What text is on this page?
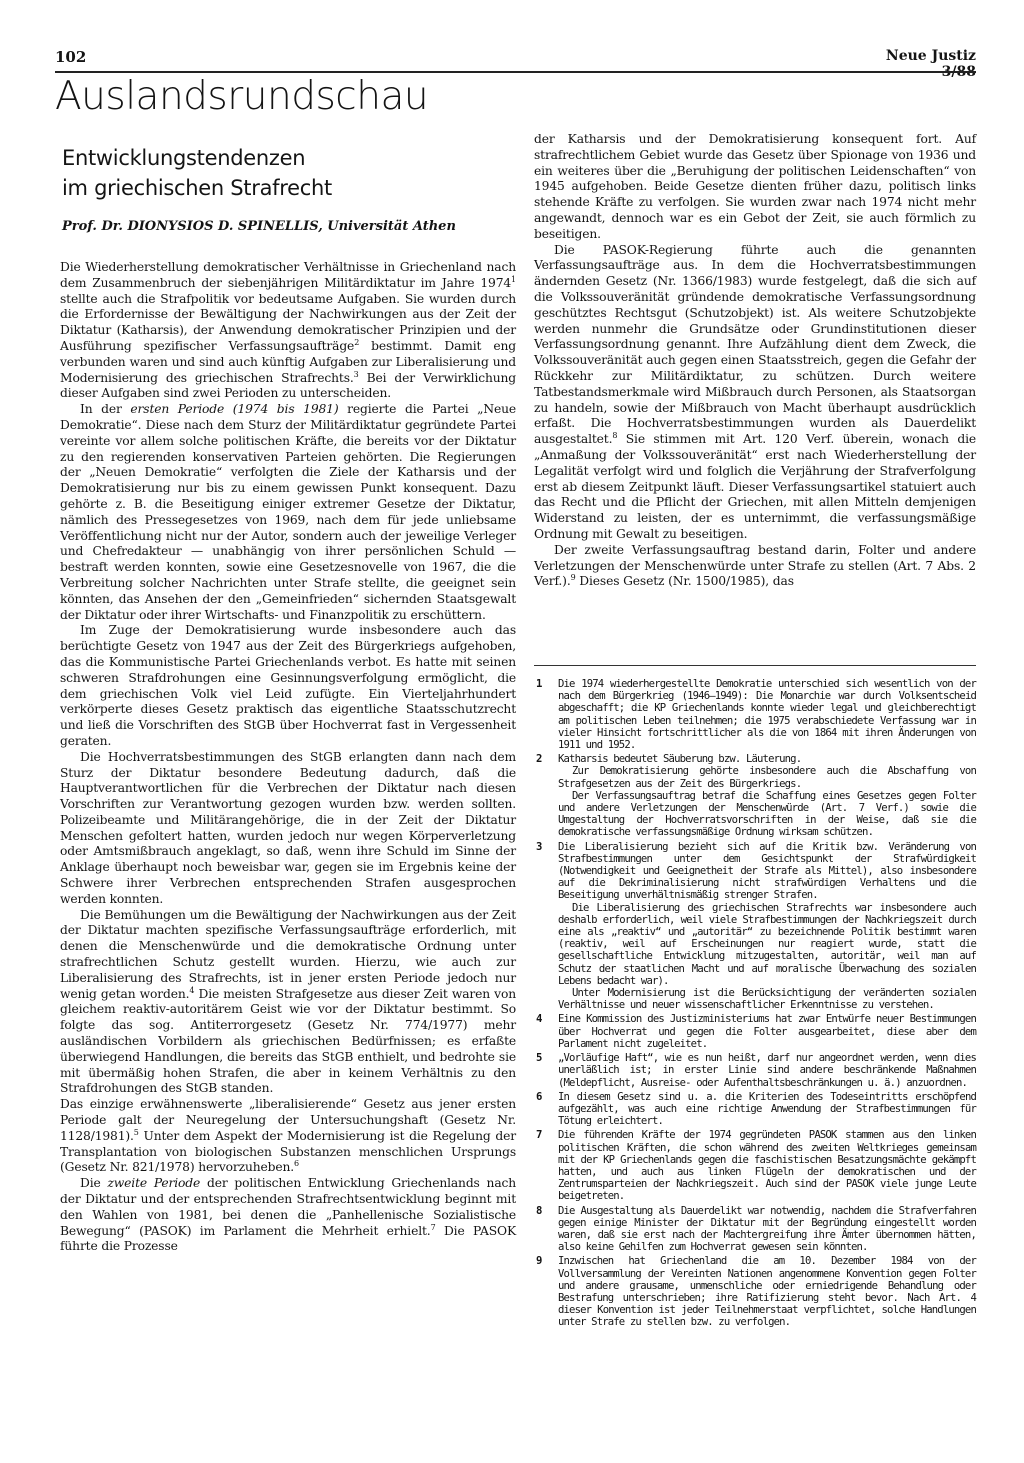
102	Neue Justiz 3/88
Auslandsrundschau
Entwicklungstendenzen
im griechischen Strafrecht
Prof. Dr. DIONYSIOS D. SPINELLIS, Universität Athen

Die Wiederherstellung demokratischer Verhältnisse in Griechenland nach dem Zusammenbruch der siebenjährigen Militärdiktatur im Jahre 1974$^1$ stellte auch die Strafpolitik vor bedeutsame Aufgaben. Sie wurden durch die Erfordernisse der Bewältigung der Nachwirkungen aus der Zeit der Diktatur (Katharsis), der Anwendung demokratischer Prinzipien und der Ausführung spezifischer Verfassungsaufträge$^2$ bestimmt. Damit eng verbunden waren und sind auch künftig Aufgaben zur Liberalisierung und Modernisierung des griechischen Strafrechts.$^3$ Bei der Verwirklichung dieser Aufgaben sind zwei Perioden zu unterscheiden.

In der ersten Periode (1974 bis 1981) regierte die Partei „Neue Demokratie“. Diese nach dem Sturz der Militärdiktatur gegründete Partei vereinte vor allem solche politischen Kräfte, die bereits vor der Diktatur zu den regierenden konservativen Parteien gehörten. Die Regierungen der „Neuen Demokratie“ verfolgten die Ziele der Katharsis und der Demokratisierung nur bis zu einem gewissen Punkt konsequent. Dazu gehörte z. B. die Beseitigung einiger extremer Gesetze der Diktatur, nämlich des Pressegesetzes von 1969, nach dem für jede unliebsame Veröffentlichung nicht nur der Autor, sondern auch der jeweilige Verleger und Chefredakteur — unabhängig von ihrer persönlichen Schuld — bestraft werden konnten, sowie eine Gesetzesnovelle von 1967, die die Verbreitung solcher Nachrichten unter Strafe stellte, die geeignet sein könnten, das Ansehen der den „Gemeinfrieden“ sichernden Staatsgewalt der Diktatur oder ihrer Wirtschafts- und Finanzpolitik zu erschüttern.

Im Zuge der Demokratisierung wurde insbesondere auch das berüchtigte Gesetz von 1947 aus der Zeit des Bürgerkriegs aufgehoben, das die Kommunistische Partei Griechenlands verbot. Es hatte mit seinen schweren Strafdrohungen eine Gesinnungsverfolgung ermöglicht, die dem griechischen Volk viel Leid zufügte. Ein Vierteljahrhundert verkörperte dieses Gesetz praktisch das eigentliche Staatsschutzrecht und ließ die Vorschriften des StGB über Hochverrat fast in Vergessenheit geraten.

Die Hochverratsbestimmungen des StGB erlangten dann nach dem Sturz der Diktatur besondere Bedeutung dadurch, daß die Hauptverantwortlichen für die Verbrechen der Diktatur nach diesen Vorschriften zur Verantwortung gezogen wurden bzw. werden sollten. Polizeibeamte und Militärangehörige, die in der Zeit der Diktatur Menschen gefoltert hatten, wurden jedoch nur wegen Körperverletzung oder Amtsmißbrauch angeklagt, so daß, wenn ihre Schuld im Sinne der Anklage überhaupt noch beweisbar war, gegen sie im Ergebnis keine der Schwere ihrer Verbrechen entsprechenden Strafen ausgesprochen werden konnten.

Die Bemühungen um die Bewältigung der Nachwirkungen aus der Zeit der Diktatur machten spezifische Verfassungsaufträge erforderlich, mit denen die Menschenwürde und die demokratische Ordnung unter strafrechtlichen Schutz gestellt wurden. Hierzu, wie auch zur Liberalisierung des Strafrechts, ist in jener ersten Periode jedoch nur wenig getan worden.$^4$ Die meisten Strafgesetze aus dieser Zeit waren von gleichem reaktiv-autoritärem Geist wie vor der Diktatur bestimmt. So folgte das sog. Antiterrorgesetz (Gesetz Nr. 774/1977) mehr ausländischen Vorbildern als griechischen Bedürfnissen; es erfaßte überwiegend Handlungen, die bereits das StGB enthielt, und bedrohte sie mit übermäßig hohen Strafen, die aber in keinem Verhältnis zu den Strafdrohungen des StGB standen.

Das einzige erwähnenswerte „liberalisierende“ Gesetz aus jener ersten Periode galt der Neuregelung der Untersuchungshaft (Gesetz Nr. 1128/1981).$^5$ Unter dem Aspekt der Modernisierung ist die Regelung der Transplantation von biologischen Substanzen menschlichen Ursprungs (Gesetz Nr. 821/1978) hervorzuheben.$^6$

Die zweite Periode der politischen Entwicklung Griechenlands nach der Diktatur und der entsprechenden Strafrechtsentwicklung beginnt mit den Wahlen von 1981, bei denen die „Panhellenische Sozialistische Bewegung“ (PASOK) im Parlament die Mehrheit erhielt.$^7$ Die PASOK führte die Prozesse

der Katharsis und der Demokratisierung konsequent fort. Auf strafrechtlichem Gebiet wurde das Gesetz über Spionage von 1936 und ein weiteres über die „Beruhigung der politischen Leidenschaften“ von 1945 aufgehoben. Beide Gesetze dienten früher dazu, politisch links stehende Kräfte zu verfolgen. Sie wurden zwar nach 1974 nicht mehr angewandt, dennoch war es ein Gebot der Zeit, sie auch förmlich zu beseitigen.

Die PASOK-Regierung führte auch die genannten Verfassungsaufträge aus. In dem die Hochverratsbestimmungen ändernden Gesetz (Nr. 1366/1983) wurde festgelegt, daß die sich auf die Volkssouveränität gründende demokratische Verfassungsordnung geschütztes Rechtsgut (Schutzobjekt) ist. Als weitere Schutzobjekte werden nunmehr die Grundsätze oder Grundinstitutionen dieser Verfassungsordnung genannt. Ihre Aufzählung dient dem Zweck, die Volkssouveränität auch gegen einen Staatsstreich, gegen die Gefahr der Rückkehr zur Militärdiktatur, zu schützen. Durch weitere Tatbestandsmerkmale wird Mißbrauch durch Personen, als Staatsorgan zu handeln, sowie der Mißbrauch von Macht überhaupt ausdrücklich erfaßt. Die Hochverratsbestimmungen wurden als Dauerdelikt ausgestaltet.$^8$ Sie stimmen mit Art. 120 Verf. überein, wonach die „Anmaßung der Volkssouveränität“ erst nach Wiederherstellung der Legalität verfolgt wird und folglich die Verjährung der Strafverfolgung erst ab diesem Zeitpunkt läuft. Dieser Verfassungsartikel statuiert auch das Recht und die Pflicht der Griechen, mit allen Mitteln demjenigen Widerstand zu leisten, der es unternimmt, die verfassungsmäßige Ordnung mit Gewalt zu beseitigen.

Der zweite Verfassungsauftrag bestand darin, Folter und andere Verletzungen der Menschenwürde unter Strafe zu stellen (Art. 7 Abs. 2 Verf.).$^9$ Dieses Gesetz (Nr. 1500/1985), das

1 Die 1974 wiederhergestellte Demokratie unterschied sich wesentlich von der nach dem Bürgerkrieg (1946—1949): Die Monarchie war durch Volksentscheid abgeschafft; die KP Griechenlands konnte wieder legal und gleichberechtigt am politischen Leben teilnehmen; die 1975 verabschiedete Verfassung war in vieler Hinsicht fortschrittlicher als die von 1864 mit ihren Änderungen von 1911 und 1952.
2 Katharsis bedeutet Säuberung bzw. Läuterung.
Zur Demokratisierung gehörte insbesondere auch die Abschaffung von Strafgesetzen aus der Zeit des Bürgerkriegs.
Der Verfassungsauftrag betraf die Schaffung eines Gesetzes gegen Folter und andere Verletzungen der Menschenwürde (Art. 7 Verf.) sowie die Umgestaltung der Hochverratsvorschriften in der Weise, daß sie die demokratische verfassungsmäßige Ordnung wirksam schützen.
3 Die Liberalisierung bezieht sich auf die Kritik bzw. Veränderung von Strafbestimmungen unter dem Gesichtspunkt der Strafwürdigkeit (Notwendigkeit und Geeignetheit der Strafe als Mittel), also insbesondere auf die Dekriminalisierung nicht strafwürdigen Verhaltens und die Beseitigung unverhältnismäßig strenger Strafen.
Die Liberalisierung des griechischen Strafrechts war insbesondere auch deshalb erforderlich, weil viele Strafbestimmungen der Nachkriegszeit durch eine als „reaktiv“ und „autoritär“ zu bezeichnende Politik bestimmt waren (reaktiv, weil auf Erscheinungen nur reagiert wurde, statt die gesellschaftliche Entwicklung mitzugestalten, autoritär, weil man auf Schutz der staatlichen Macht und auf moralische Überwachung des sozialen Lebens bedacht war).
Unter Modernisierung ist die Berücksichtigung der veränderten sozialen Verhältnisse und neuer wissenschaftlicher Erkenntnisse zu verstehen.
4 Eine Kommission des Justizministeriums hat zwar Entwürfe neuer Bestimmungen über Hochverrat und gegen die Folter ausgearbeitet, diese aber dem Parlament nicht zugeleitet.
5 „Vorläufige Haft“, wie es nun heißt, darf nur angeordnet werden, wenn dies unerläßlich ist; in erster Linie sind andere beschränkende Maßnahmen (Meldepflicht, Ausreise- oder Aufenthaltsbeschränkungen u. ä.) anzuordnen.
6 In diesem Gesetz sind u. a. die Kriterien des Todeseintritts erschöpfend aufgezählt, was auch eine richtige Anwendung der Strafbestimmungen für Tötung erleichtert.
7 Die führenden Kräfte der 1974 gegründeten PASOK stammen aus den linken politischen Kräften, die schon während des zweiten Weltkrieges gemeinsam mit der KP Griechenlands gegen die faschistischen Besatzungsmächte gekämpft hatten, und auch aus linken Flügeln der demokratischen und der Zentrumsparteien der Nachkriegszeit. Auch sind der PASOK viele junge Leute beigetreten.
8 Die Ausgestaltung als Dauerdelikt war notwendig, nachdem die Strafverfahren gegen einige Minister der Diktatur mit der Begründung eingestellt worden waren, daß sie erst nach der Machtergreifung ihre Ämter übernommen hätten, also keine Gehilfen zum Hochverrat gewesen sein könnten.
9 Inzwischen hat Griechenland die am 10. Dezember 1984 von der Vollversammlung der Vereinten Nationen angenommene Konvention gegen Folter und andere grausame, unmenschliche oder erniedrigende Behandlung oder Bestrafung unterschrieben; ihre Ratifizierung steht bevor. Nach Art. 4 dieser Konvention ist jeder Teilnehmerstaat verpflichtet, solche Handlungen unter Strafe zu stellen bzw. zu verfolgen.
